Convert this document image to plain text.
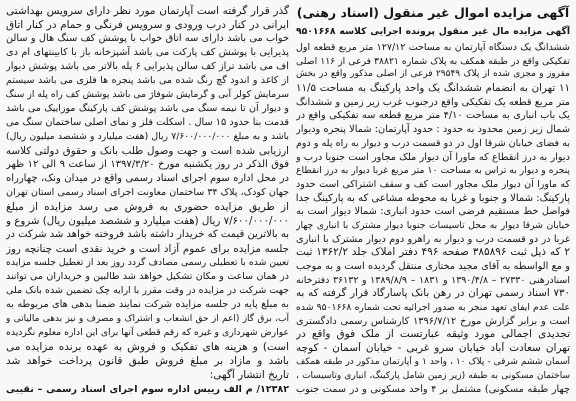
آگهی مزایده اموال غیر منقول (اسناد رهنی)
آگهی مزایده مال غیر منقول پرونده اجرایی کلاسه ۹۵۰۱۶۶۸
ششدانگ یک دستگاه آپارتمان به مساحت ۱۲۷/۱۲ متر مربع قطعه اول
تفکیکی واقع در طبقه همکف به پلاک شماره ۳۸۸۲۱ فرعی از ۱۱۶ اصلی
مفروز و مجزی شده از پلاک ۲۹۵۴۹ فرعی از اصلی مذکور واقع در بخش
۱۱ تهران به انضمام ششدانگ یک واحد پارکینگ به مساحت ۱۱/۵
متر مربع قطعه یک تفکیکی واقع درجنوب غرب زیر زمین و ششدانگ
یک باب انباری به مساحت ۴/۱۰ متر مربع قطعه سه تفکیکی واقع در
شمال زیر زمین محدود به حدود : حدود آپارتمان: شمالا پنجره ودیوار
به فضای خیابان شرقا اول در دو قسمت درب و دیوار به راه پله و دوم
دیوار به درز انقطاع که ماورا آن دیوار ملک مجاور است جنوبا درب و
پنجره و دیوار به تراس به مساحت ۱۰ متر مربع غربا دیوار به درز انقطاع
که ماورا آن دیوار ملک مجاور است کف و سقف اشتراکی است حدود
پارکینگ: شمالا و جنوبا و غربا به محوطه مشاعی که به پارکینگ جدا
فواصل خط مستقیم فرضی است حدود انباری: شمالا دیوار است به
خیابان شرقا دیوار به محل تاسیسات جنوبا دیوار مشترک با انباری چهار
غربا در دو قسمت درب و دیوار به راهرو دوم دیوار مشترک با انباری
۲ که ذیل ثبت ۳۸۵۸۹۶ صفحه ۴۹۶ دفتر املاک جلد ۱۳۶۲/۲ ثبت
و مع الواسطه به آقای مجید مختاری منتقل گردیده است و به موجب
اسنادرهنی ۲۷۳۳۰ – ۱۳۹۰/۴/۸ و ۱۸۳۱ – ۱۳۸۹/۸/۹ و ۳۶۱۳۲ دفترخانه
۷۳۰ اسناد رسمی تهران در رهن بانک پاسارگاد قرار گرفته که به
علت عدم ایفای تعهد منجر به صدور اجرائیه تحت شماره ۹۵۰۱۶۶۸ شده
است و برابر گزارش مورخ ۱۳۹۶/۷/۱۲ کارشناس رسمی دادگستری
تجدیدی اجمالی مورد وثیقه عبارتست از ملک فوق واقع در
تهران سعادت آباد خیابان سرو غربی - خیابان آسمان - کوچه
آسمان ششم شرقی - پلاک ۱۰ ، واحد ۱ و آپارتمان مذکور در طبقه همکف
ساختمان مسکونی به طبقه (زیر زمین شامل پارکینگ، انباری وتاسیسات ،
چهار طبقه مسکونی) مشتمل بر ۴ واحد مسکونی و در سمت جنوب
گذر قرار گرفته است آپارتمان مورد نظر دارای سرویس بهداشتی
ایرانی در کنار درب ورودی و سرویس فرنگی و حمام در کنار اتاق
خواب می باشد دارای سه اتاق خواب با پوشش کف سنگ هال و سالن
پذیرایی با پوشش کف پارکت می باشد آشپزخانه باز با کابینتهای ام دی
اف می باشد تراز کف سالن پذیرایی ۶ پله بالاتر می باشد پوشش دیوار
از کاغذ و اندود گچ رنگ شده می باشد پنجره ها فلزی می باشد سیستم
سرمایش کولر آبی و گرمایش شوفاژ می باشد پوشش کف راه پله از سنگ
و دیوار آن تا نیمه سنگ می باشد پوشش کف پارکینگ موزاییک می باشد
قدمت بنا حدود ۱۵ سال . اسکلت فلز و نمای اصلی ساختمان سنگ می
باشد و به مبلغ ۷/۶۰۰/۰۰۰/۰۰۰ ریال (هفت میلیارد و ششصد میلیون ریال)
ارزیابی شده است و جهت وصول طلب بانک و حقوق دولتی کلاسه
فوق الذکر در روز یکشنبه مورخ ۱۳۹۷/۳/۲۰ از ساعت ۹ الی ۱۲ ظهر
در محل اداره سوم اجرای اسناد رسمی واقع در میدان ونک، چهارراه
جهان کودک، پلاک ۳۴ ساختمان معاونت اجرای اسناد رسمی استان تهران
از طریق مزایده حضوری به فروش می رسد مزایده از مبلغ
۷/۶۰۰/۰۰۰/۰۰۰ ریال (هفت میلیارد و ششصد میلیون ریال) شروع و
به بالاترین قیمت که خریدار داشته باشد فروخته خواهد شد شرکت در
جلسه مزایده برای عموم آزاد است و خرید نقدی است چنانچه روز
تعیین شده با تعطیلی رسمی مصادف گردد روز بعد از تعطیل جلسه مزایده
در همان ساعت و مکان تشکیل خواهد شد طالبین و خریداران می توانند
جهت شرکت در مزایده در وقت مقرر با ارایه چک تضمین شده بانک ملی
به مبلغ پایه در جلسه مزایده شرکت نمایند ضمنا بدهی های مربوطه به
آب، برق گاز (اعم از حق انشعاب و اشتراک و مصرف و نیز بدهی مالیاتی و
عوارض شهرداری و غیره که رقم قطعی آنها برای این اداره معلوم نگردیده
است) و هزینه های تفکیک و فروش به عهده برنده مزایده می
باشد و مازاد بر مبلغ فروش طبق قانون پرداخت خواهد شد
تاریخ انتشار آگهی:
۱۲۳۸۲/ م الف رییس اداره سوم اجرای اسناد رسمی – نقیبی
